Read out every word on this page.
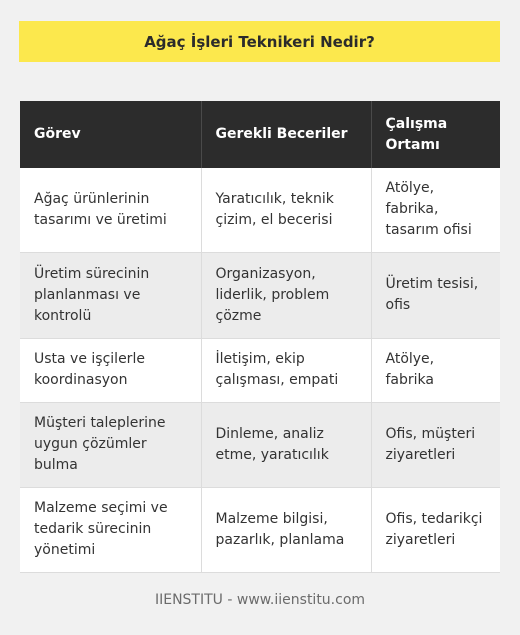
Ağaç İşleri Teknikeri Nedir?
Görev	Gerekli Beceriler	Çalışma Ortamı
Ağaç ürünlerinin tasarımı ve üretimi	Yaratıcılık, teknik çizim, el becerisi	Atölye, fabrika, tasarım ofisi
Üretim sürecinin planlanması ve kontrolü	Organizasyon, liderlik, problem çözme	Üretim tesisi, ofis
Usta ve işçilerle koordinasyon	İletişim, ekip çalışması, empati	Atölye, fabrika
Müşteri taleplerine uygun çözümler bulma	Dinleme, analiz etme, yaratıcılık	Ofis, müşteri ziyaretleri
Malzeme seçimi ve tedarik sürecinin yönetimi	Malzeme bilgisi, pazarlık, planlama	Ofis, tedarikçi ziyaretleri
IIENSTITU - www.iienstitu.com
